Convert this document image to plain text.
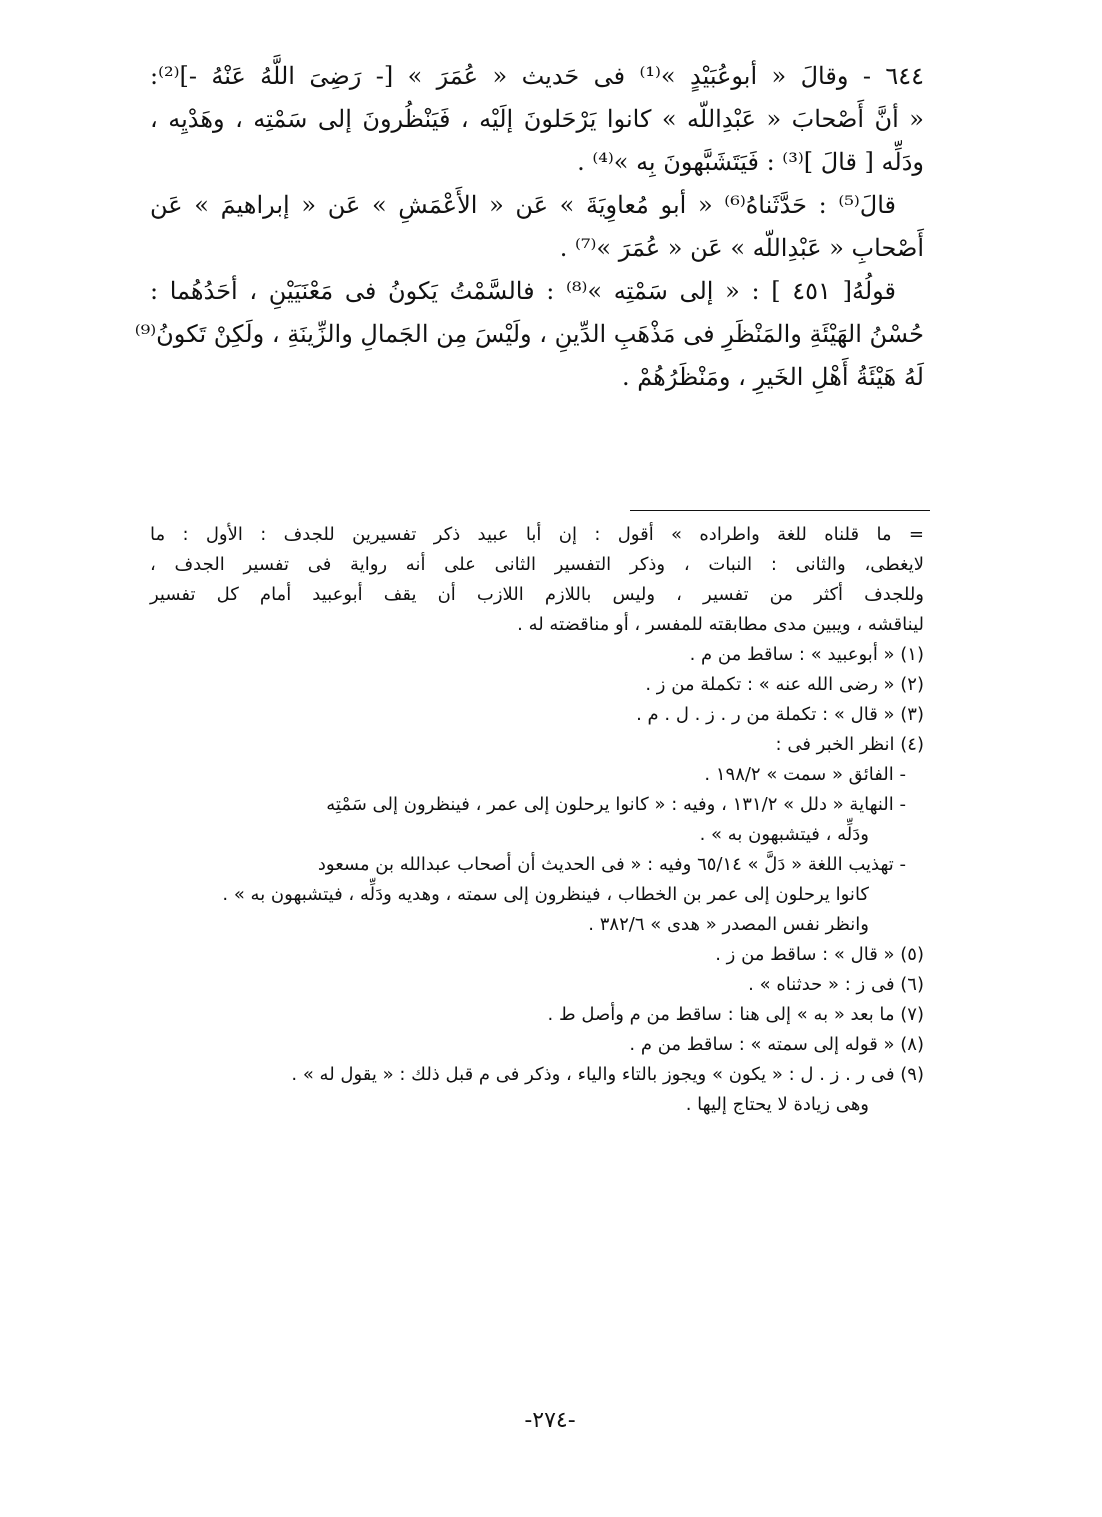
٦٤٤ - وقالَ « أبوعُبَيْدٍ »⁽¹⁾ فى حَديث « عُمَرَ » [- رَضِىَ اللَّهُ عَنْهُ -]⁽²⁾:
« أنَّ أَصْحابَ « عَبْدِاللّه » كانوا يَرْحَلونَ إلَيْه ، فَيَنْظُرونَ إلى سَمْتِه ، وهَدْيِه ،
ودَلِّه [ قالَ ]⁽³⁾ : فَيَتَشَبَّهونَ بِه »⁽⁴⁾ .
قالَ⁽⁵⁾ : حَدَّثَناهُ⁽⁶⁾ « أبو مُعاوِيَةَ » عَن « الأَعْمَشِ » عَن « إبراهيمَ » عَن
أَصْحابِ « عَبْدِاللّه » عَن « عُمَرَ »⁽⁷⁾ .
قولُهُ[ ٤٥١ ] : « إلى سَمْتِه »⁽⁸⁾ : فالسَّمْتُ يَكونُ فى مَعْنَيَيْنِ ، أحَدُهُما :
حُسْنُ الهَيْئَةِ والمَنْظَرِ فى مَذْهَبِ الدِّينِ ، ولَيْسَ مِن الجَمالِ والزِّينَةِ ، ولَكِنْ تَكونُ⁽⁹⁾
لَهُ هَيْئَةُ أَهْلِ الخَيرِ ، ومَنْظَرُهُمْ .
= ما قلناه للغة واطراده » أقول : إن أبا عبيد ذكر تفسيرين للجدف : الأول : ما
لايغطى، والثانى : النبات ، وذكر التفسير الثانى على أنه رواية فى تفسير الجدف ،
وللجدف أكثر من تفسير ، وليس باللازم اللازب أن يقف أبوعبيد أمام كل تفسير
ليناقشه ، ويبين مدى مطابقته للمفسر ، أو مناقضته له .
(١) « أبوعبيد » : ساقط من م .
(٢) « رضى الله عنه » : تكملة من ز .
(٣) « قال » : تكملة من ر . ز . ل . م .
(٤) انظر الخبر فى :
- الفائق « سمت » ١٩٨/٢ .
- النهاية « دلل » ١٣١/٢ ، وفيه : « كانوا يرحلون إلى عمر ، فينظرون إلى سَمْتِه
ودَلِّه ، فيتشبهون به » .
- تهذيب اللغة « دَلَّ » ٦٥/١٤ وفيه : « فى الحديث أن أصحاب عبدالله بن مسعود
كانوا يرحلون إلى عمر بن الخطاب ، فينظرون إلى سمته ، وهديه ودَلِّه ، فيتشبهون به » .
وانظر نفس المصدر « هدى » ٣٨٢/٦ .
(٥) « قال » : ساقط من ز .
(٦) فى ز : « حدثناه » .
(٧) ما بعد « به » إلى هنا : ساقط من م وأصل ط .
(٨) « قوله إلى سمته » : ساقط من م .
(٩) فى ر . ز . ل : « يكون » ويجوز بالتاء والياء ، وذكر فى م قبل ذلك : « يقول له » .
وهى زيادة لا يحتاج إليها .
-٢٧٤-
